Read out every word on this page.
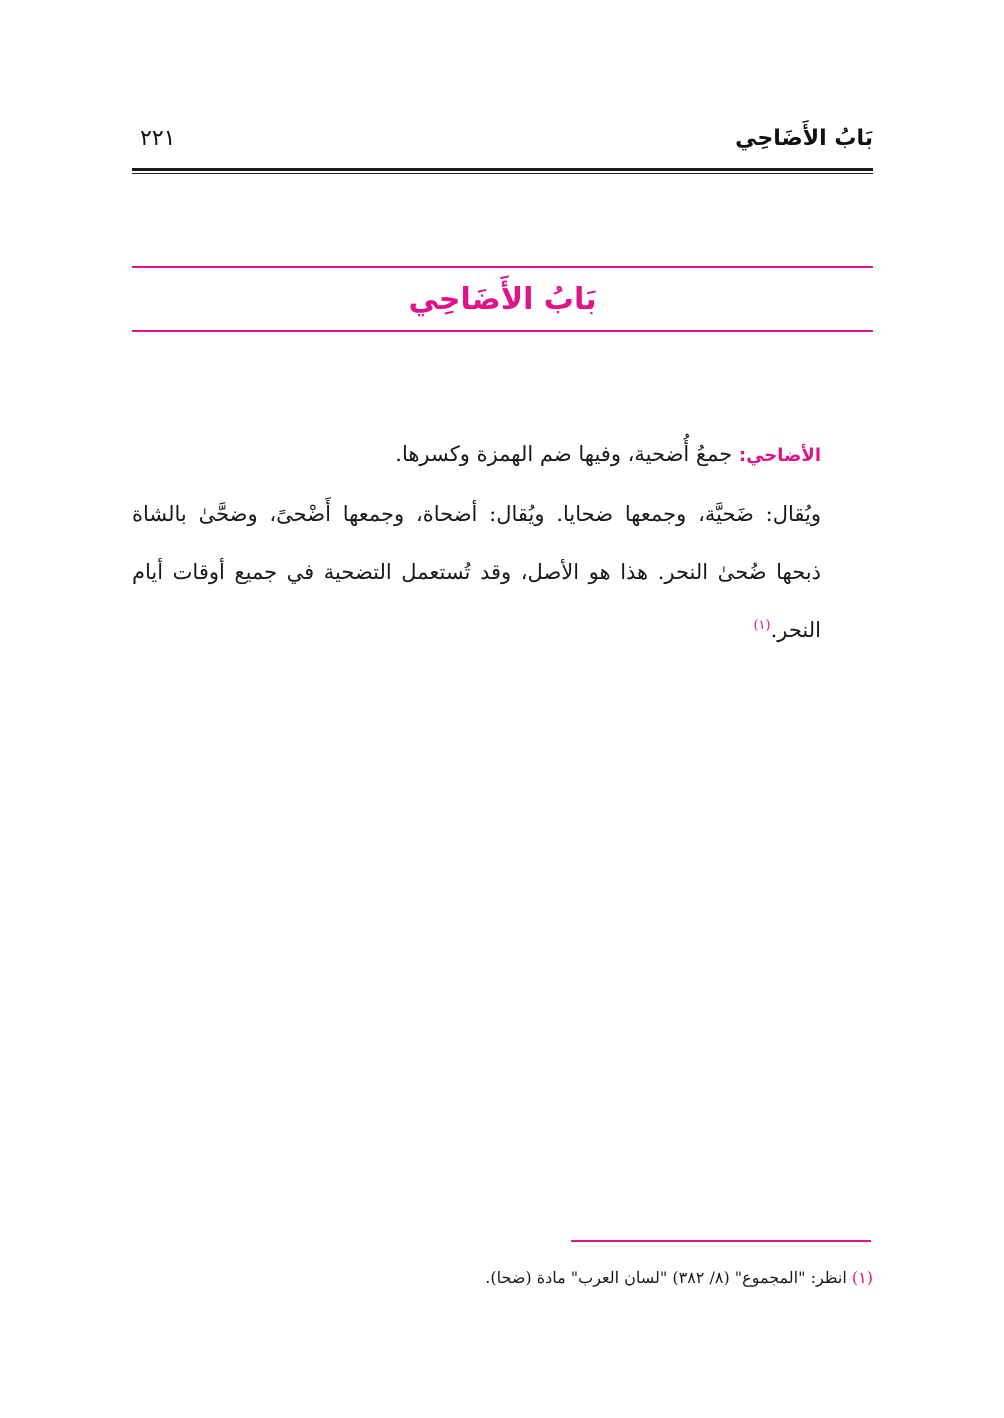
بَابُ الأَضَاحِي
٢٢١
بَابُ الأَضَاحِي

الأضاحي: جمعُ أُضحية، وفيها ضم الهمزة وكسرها.

ويُقال: ضَحيَّة، وجمعها ضحايا. ويُقال: أضحاة، وجمعها أَضْحىً، وضحَّىٰ بالشاة ذبحها ضُحىٰ النحر. هذا هو الأصل، وقد تُستعمل التضحية في جميع أوقات أيام النحر.$^{(١)}$

(١) انظر: "المجموع" (٨/ ٣٨٢) "لسان العرب" مادة (ضحا).
